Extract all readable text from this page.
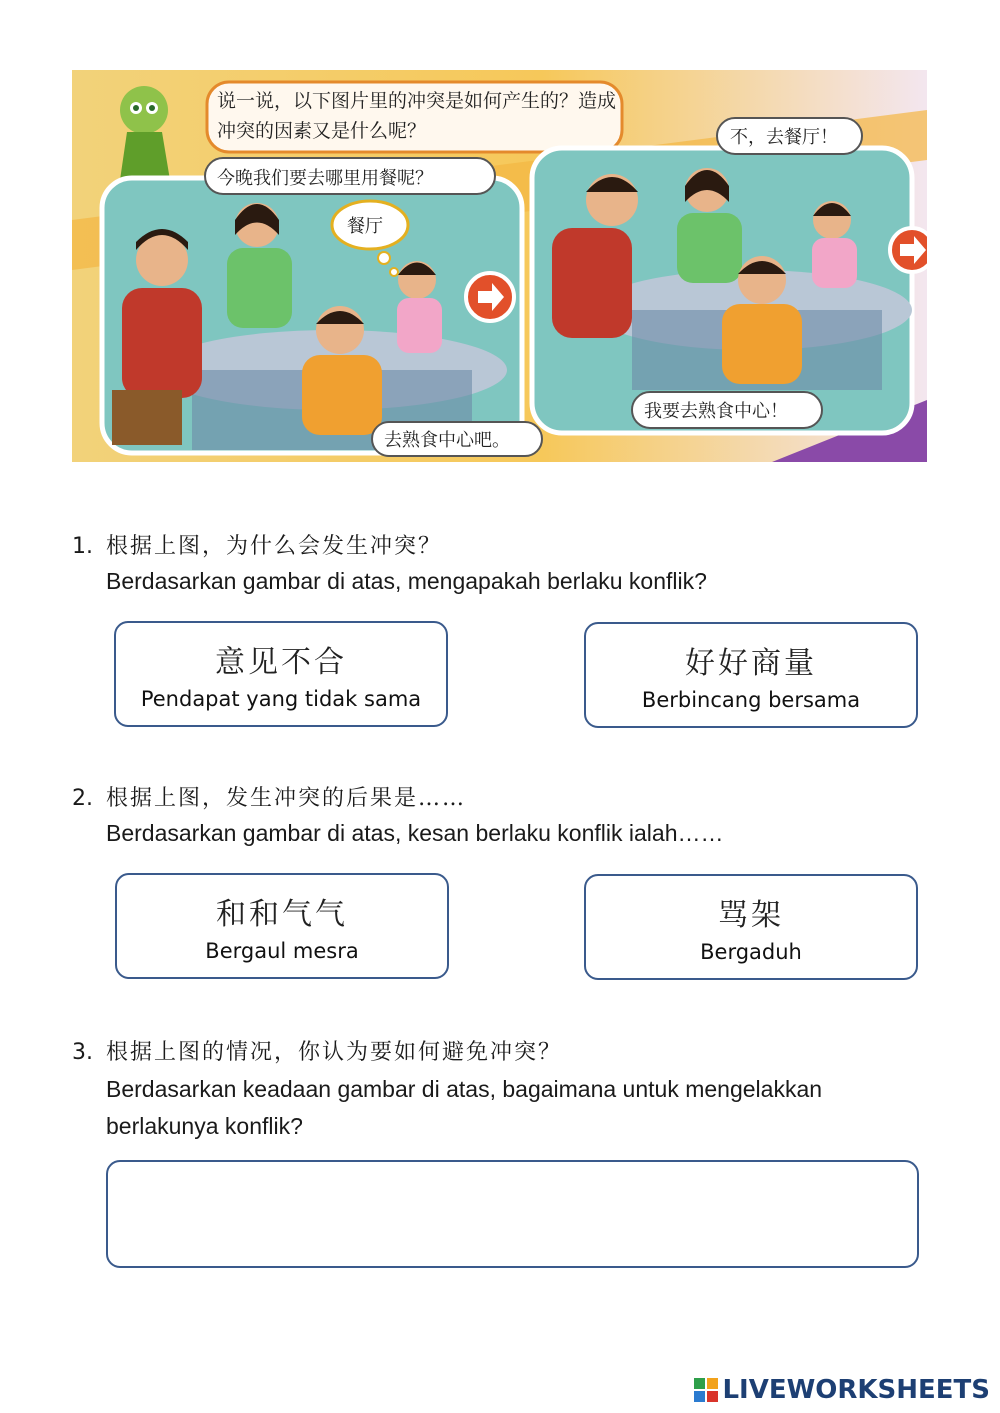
说一说，以下图片里的冲突是如何产生的？造成冲突的因素又是什么呢？
今晚我们要去哪里用餐呢？
餐厅
去熟食中心吧。
不，去餐厅！
我要去熟食中心！
1. 根据上图，为什么会发生冲突？
Berdasarkan gambar di atas, mengapakah berlaku konflik?
意见不合
Pendapat yang tidak sama
好好商量
Berbincang bersama
2. 根据上图，发生冲突的后果是……
Berdasarkan gambar di atas, kesan berlaku konflik ialah……
和和气气
Bergaul mesra
骂架
Bergaduh
3. 根据上图的情况，你认为要如何避免冲突？
Berdasarkan keadaan gambar di atas, bagaimana untuk mengelakkan
berlakunya konflik?
LIVEWORKSHEETS
